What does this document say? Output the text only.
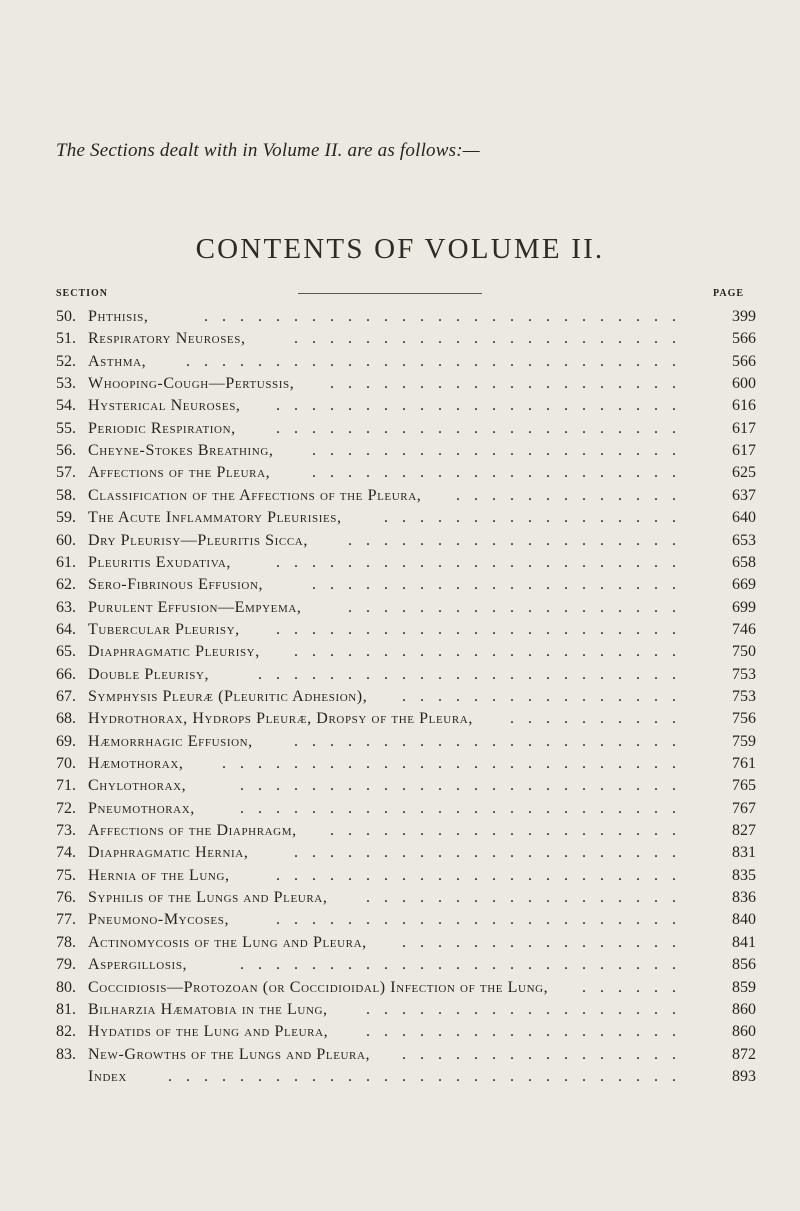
The Sections dealt with in Volume II. are as follows:—
CONTENTS OF VOLUME II.
SECTION	PAGE
50. Phthisis,	399
...........................
51. Respiratory Neuroses,	566
......................
52. Asthma,	566
............................
53. Whooping-Cough—Pertussis,	600
....................
54. Hysterical Neuroses,	616
.......................
55. Periodic Respiration,	617
.......................
56. Cheyne-Stokes Breathing,	617
.....................
57. Affections of the Pleura,	625
.....................
58. Classification of the Affections of the Pleura,	637
.............
59. The Acute Inflammatory Pleurisies,	640
.................
60. Dry Pleurisy—Pleuritis Sicca,	653
...................
61. Pleuritis Exudativa,	658
.......................
62. Sero-Fibrinous Effusion,	669
.....................
63. Purulent Effusion—Empyema,	699
...................
64. Tubercular Pleurisy,	746
.......................
65. Diaphragmatic Pleurisy,	750
......................
66. Double Pleurisy,	753
........................
67. Symphysis Pleuræ (Pleuritic Adhesion),	753
................
68. Hydrothorax, Hydrops Pleuræ, Dropsy of the Pleura,	756
..........
69. Hæmorrhagic Effusion,	759
......................
70. Hæmothorax,	761
..........................
71. Chylothorax,	765
.........................
72. Pneumothorax,	767
.........................
73. Affections of the Diaphragm,	827
....................
74. Diaphragmatic Hernia,	831
......................
75. Hernia of the Lung,	835
.......................
76. Syphilis of the Lungs and Pleura,	836
..................
77. Pneumono-Mycoses,	840
.......................
78. Actinomycosis of the Lung and Pleura,	841
................
79. Aspergillosis,	856
.........................
80. Coccidiosis—Protozoan (or Coccidioidal) Infection of the Lung,	859
......
81. Bilharzia Hæmatobia in the Lung,	860
..................
82. Hydatids of the Lung and Pleura,	860
..................
83. New-Growths of the Lungs and Pleura,	872
................
Index	893
.............................
